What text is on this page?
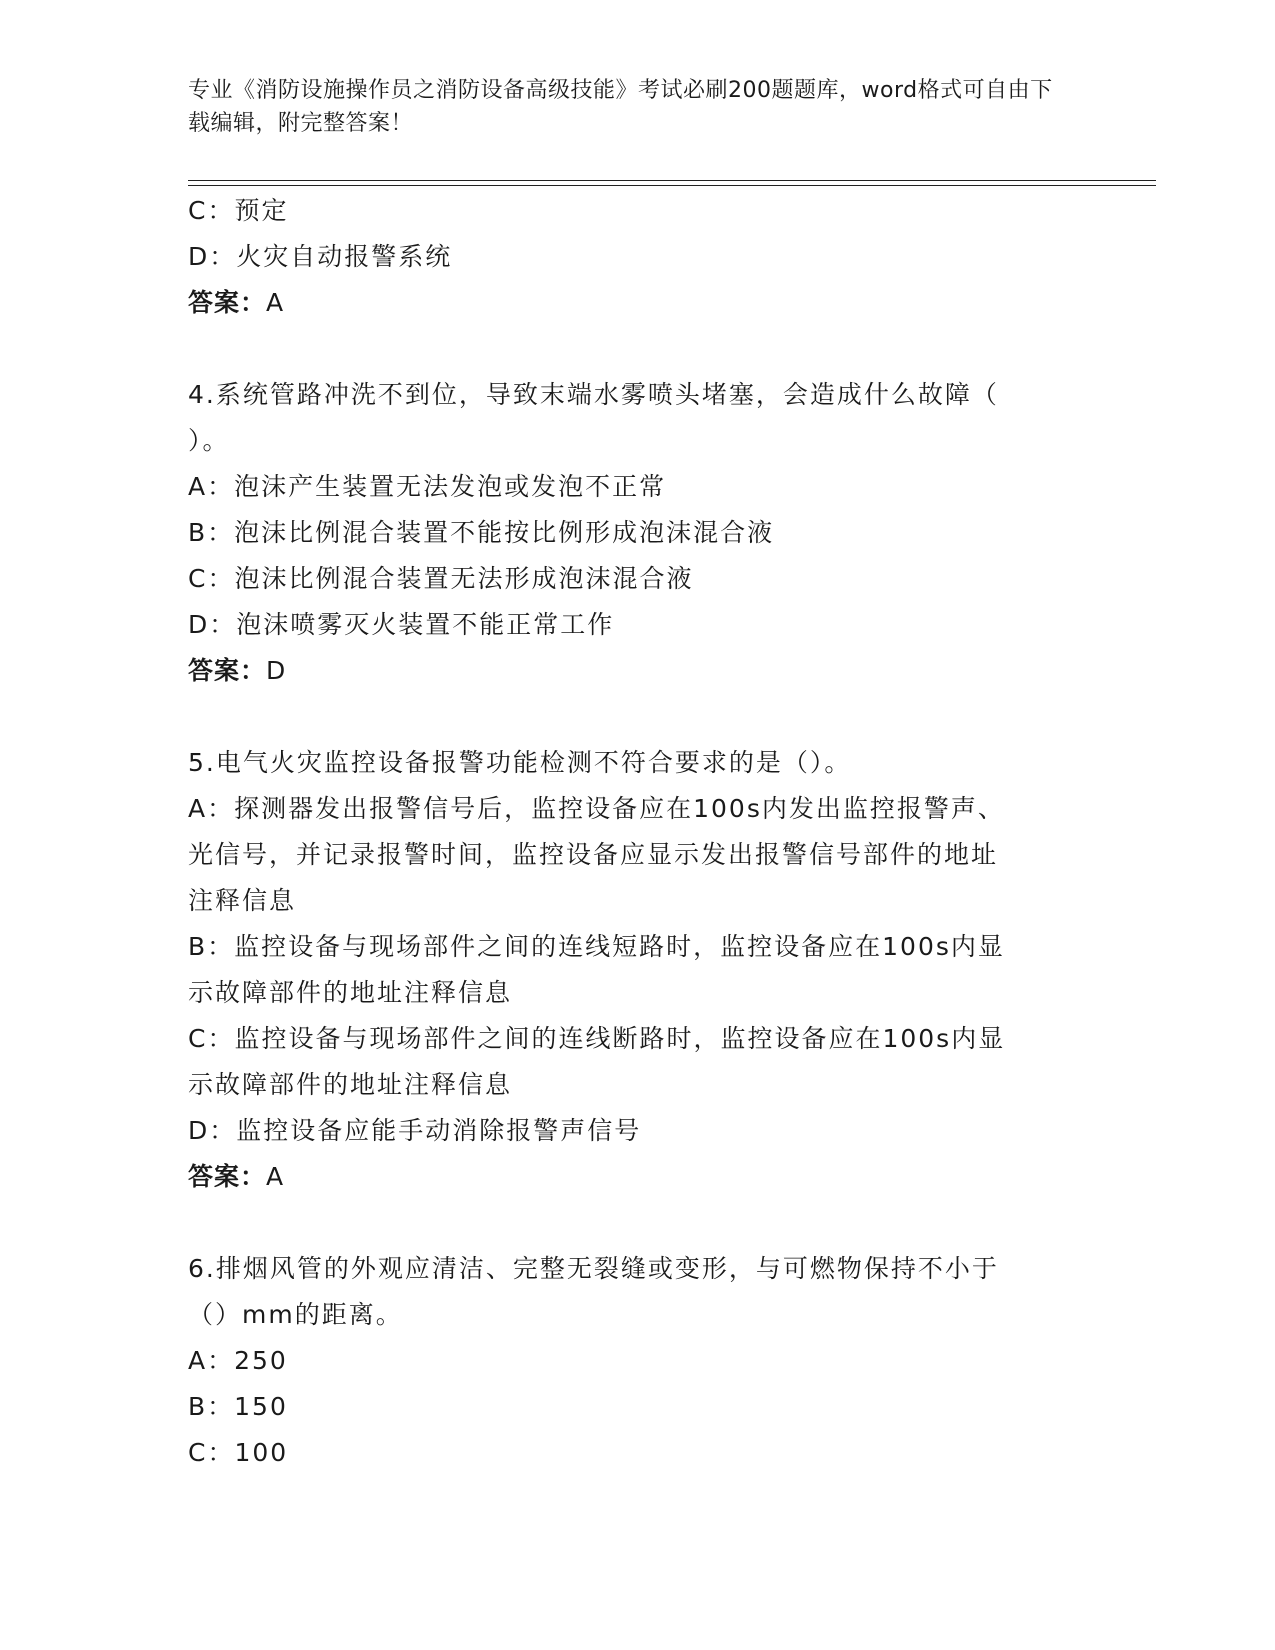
专业《消防设施操作员之消防设备高级技能》考试必刷200题题库，word格式可自由下载编辑，附完整答案！
C：预定
D：火灾自动报警系统
答案：A
4.系统管路冲洗不到位，导致末端水雾喷头堵塞，会造成什么故障（
）。
A：泡沫产生装置无法发泡或发泡不正常
B：泡沫比例混合装置不能按比例形成泡沫混合液
C：泡沫比例混合装置无法形成泡沫混合液
D：泡沫喷雾灭火装置不能正常工作
答案：D
5.电气火灾监控设备报警功能检测不符合要求的是（）。
A：探测器发出报警信号后，监控设备应在100s内发出监控报警声、
光信号，并记录报警时间，监控设备应显示发出报警信号部件的地址
注释信息
B：监控设备与现场部件之间的连线短路时，监控设备应在100s内显
示故障部件的地址注释信息
C：监控设备与现场部件之间的连线断路时，监控设备应在100s内显
示故障部件的地址注释信息
D：监控设备应能手动消除报警声信号
答案：A
6.排烟风管的外观应清洁、完整无裂缝或变形，与可燃物保持不小于
（）mm的距离。
A：250
B：150
C：100
